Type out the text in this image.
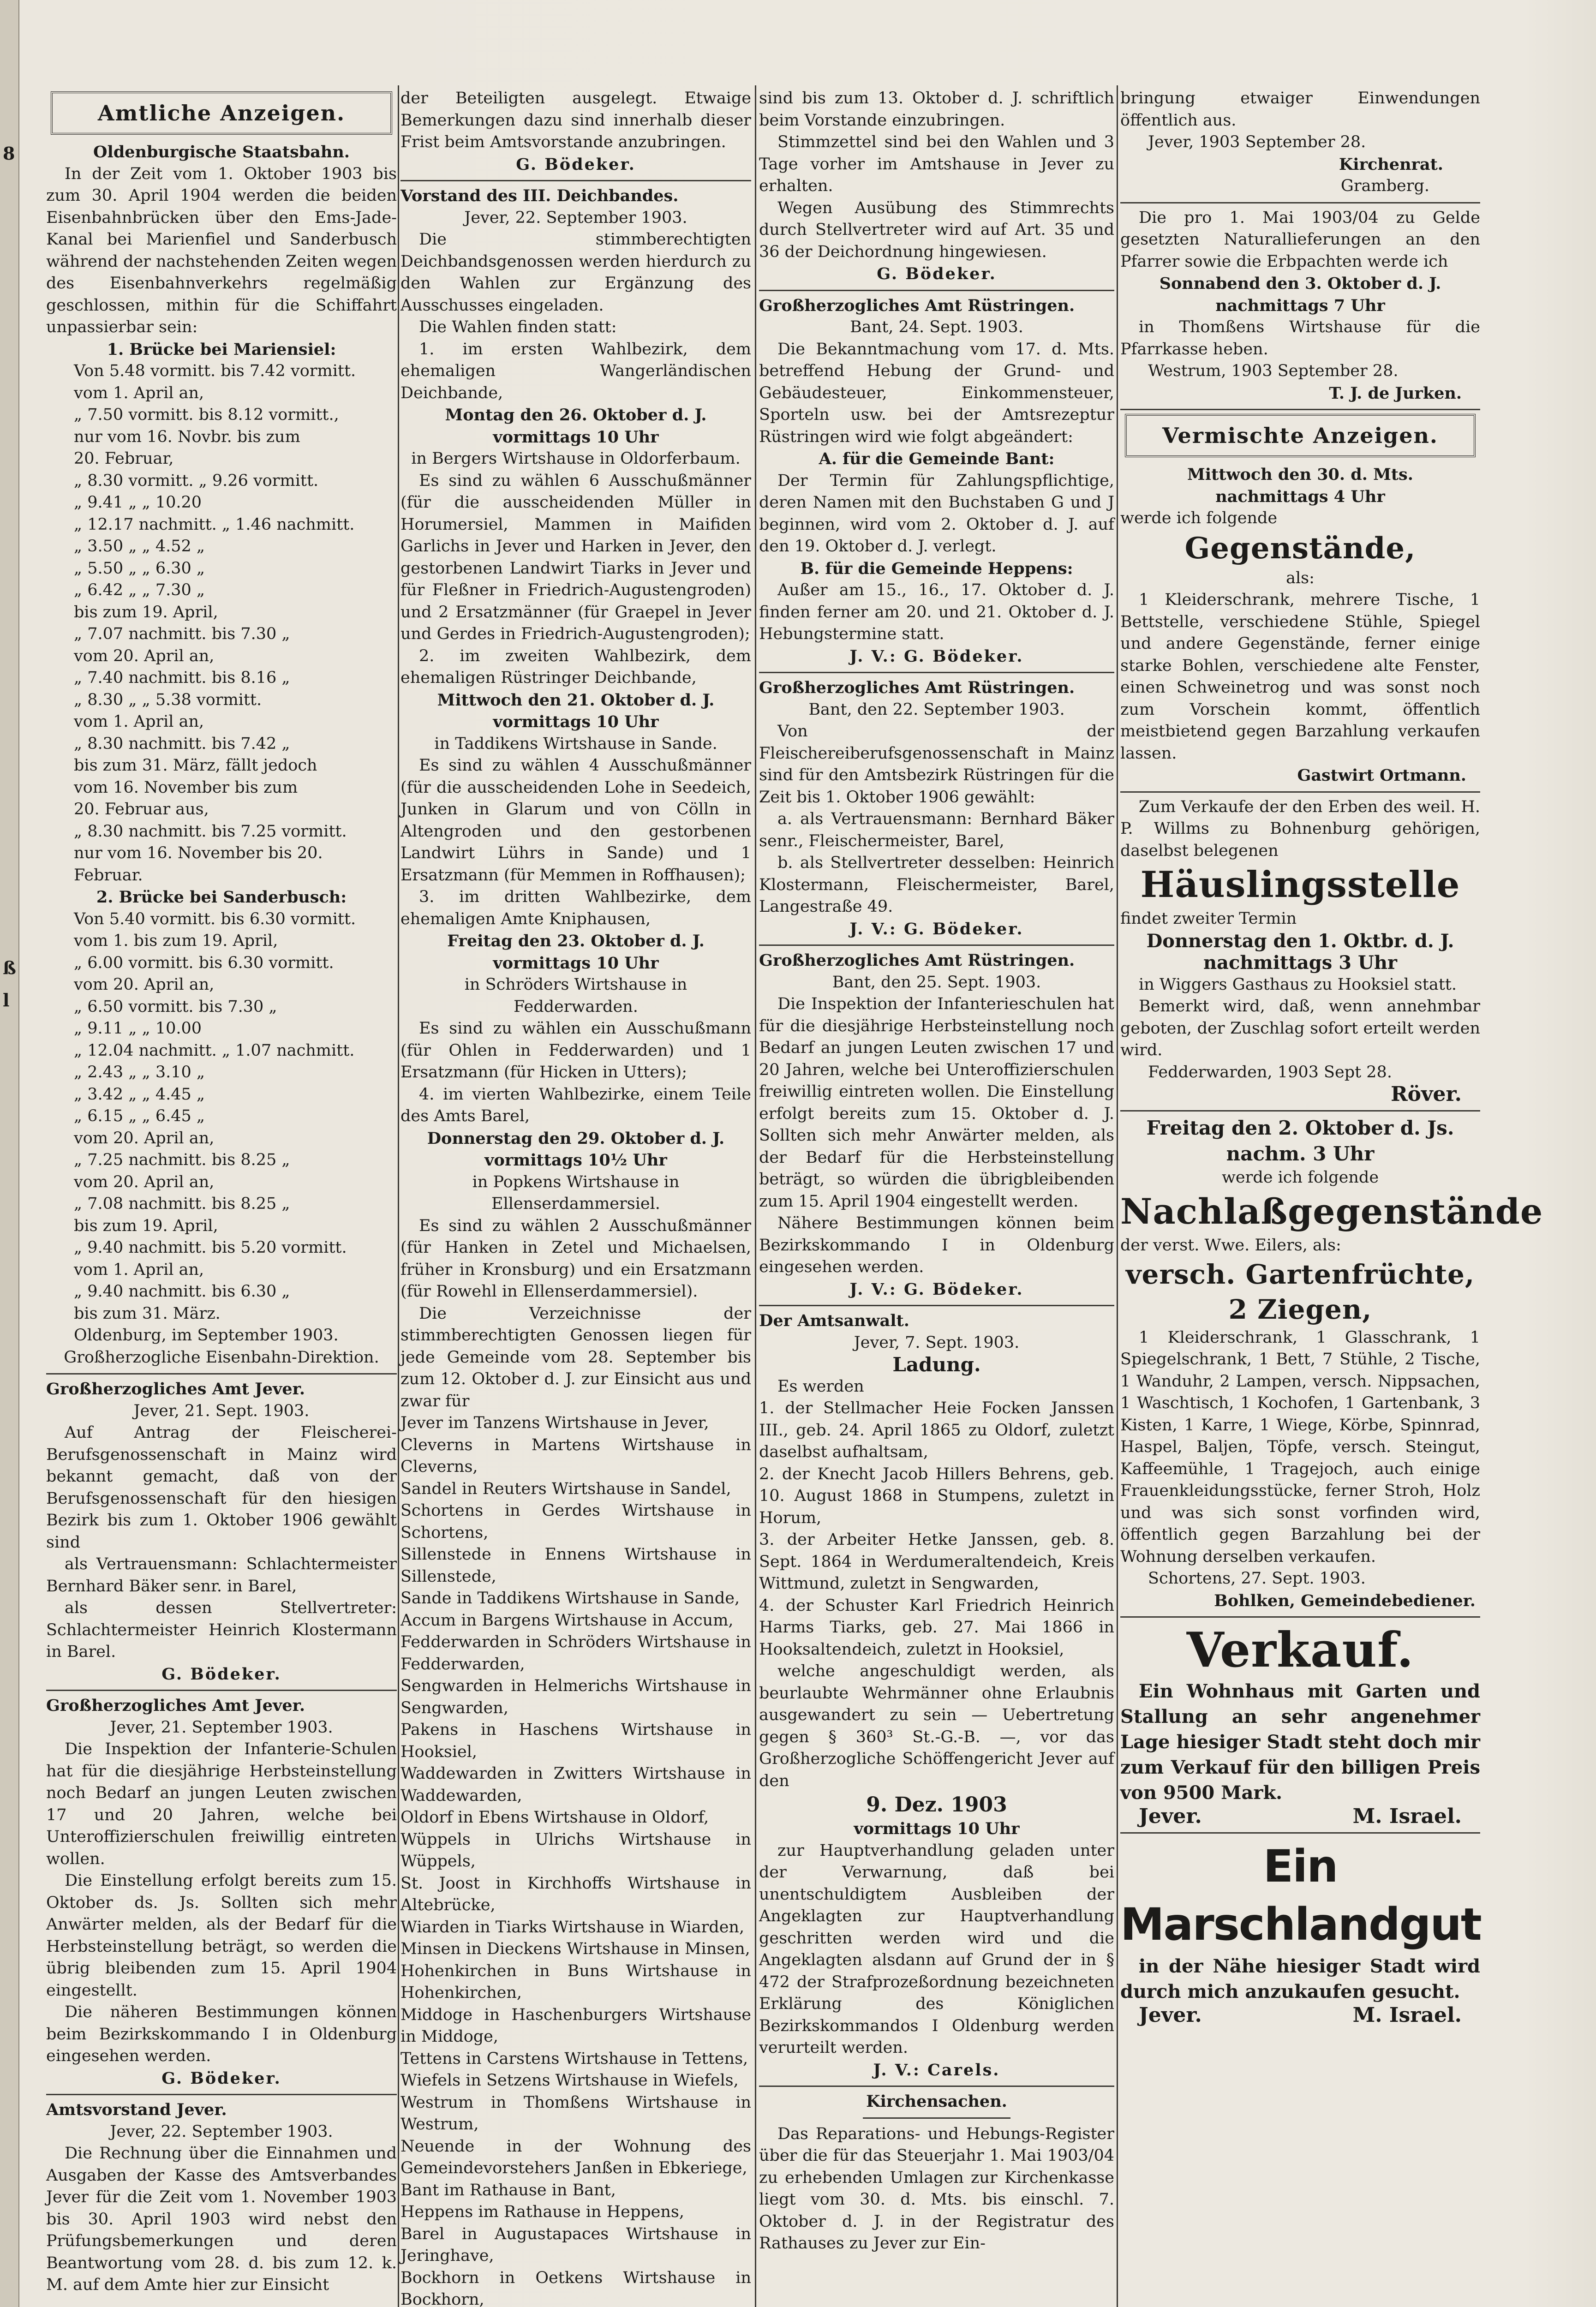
8
ß
l
Amtliche Anzeigen.
Oldenburgische Staatsbahn.

In der Zeit vom 1. Oktober 1903 bis zum 30. April 1904 werden die beiden Eisenbahnbrücken über den Ems-Jade-Kanal bei Marienfiel und Sanderbusch während der nachstehenden Zeiten wegen des Eisenbahnverkehrs regelmäßig geschlossen, mithin für die Schiffahrt unpassierbar sein:

1. Brücke bei Mariensiel:
Von 5.48 vormitt. bis 7.42 vormitt.
vom 1. April an,
„ 7.50 vormitt. bis 8.12 vormitt.,
nur vom 16. Novbr. bis zum
20. Februar,
„ 8.30 vormitt. „ 9.26 vormitt.
„ 9.41 „ „ 10.20
„ 12.17 nachmitt. „ 1.46 nachmitt.
„ 3.50 „ „ 4.52 „
„ 5.50 „ „ 6.30 „
„ 6.42 „ „ 7.30 „
bis zum 19. April,
„ 7.07 nachmitt. bis 7.30 „
vom 20. April an,
„ 7.40 nachmitt. bis 8.16 „
„ 8.30 „ „ 5.38 vormitt.
vom 1. April an,
„ 8.30 nachmitt. bis 7.42 „
bis zum 31. März, fällt jedoch
vom 16. November bis zum
20. Februar aus,
„ 8.30 nachmitt. bis 7.25 vormitt.
nur vom 16. November bis 20. Februar.
2. Brücke bei Sanderbusch:
Von 5.40 vormitt. bis 6.30 vormitt.
vom 1. bis zum 19. April,
„ 6.00 vormitt. bis 6.30 vormitt.
vom 20. April an,
„ 6.50 vormitt. bis 7.30 „
„ 9.11 „ „ 10.00
„ 12.04 nachmitt. „ 1.07 nachmitt.
„ 2.43 „ „ 3.10 „
„ 3.42 „ „ 4.45 „
„ 6.15 „ „ 6.45 „
vom 20. April an,
„ 7.25 nachmitt. bis 8.25 „
vom 20. April an,
„ 7.08 nachmitt. bis 8.25 „
bis zum 19. April,
„ 9.40 nachmitt. bis 5.20 vormitt.
vom 1. April an,
„ 9.40 nachmitt. bis 6.30 „
bis zum 31. März.
Oldenburg, im September 1903.
Großherzogliche Eisenbahn-Direktion.
Großherzogliches Amt Jever.
Jever, 21. Sept. 1903.

Auf Antrag der Fleischerei-Berufsgenossenschaft in Mainz wird bekannt gemacht, daß von der Berufsgenossenschaft für den hiesigen Bezirk bis zum 1. Oktober 1906 gewählt sind

als Vertrauensmann: Schlachtermeister Bernhard Bäker senr. in Barel,

als dessen Stellvertreter: Schlachtermeister Heinrich Klostermann in Barel.

G. Bödeker.
Großherzogliches Amt Jever.
Jever, 21. September 1903.

Die Inspektion der Infanterie-Schulen hat für die diesjährige Herbsteinstellung noch Bedarf an jungen Leuten zwischen 17 und 20 Jahren, welche bei Unteroffizierschulen freiwillig eintreten wollen.

Die Einstellung erfolgt bereits zum 15. Oktober ds. Js. Sollten sich mehr Anwärter melden, als der Bedarf für die Herbsteinstellung beträgt, so werden die übrig bleibenden zum 15. April 1904 eingestellt.

Die näheren Bestimmungen können beim Bezirkskommando I in Oldenburg eingesehen werden.

G. Bödeker.
Amtsvorstand Jever.
Jever, 22. September 1903.

Die Rechnung über die Einnahmen und Ausgaben der Kasse des Amtsverbandes Jever für die Zeit vom 1. November 1903 bis 30. April 1903 wird nebst den Prüfungsbemerkungen und deren Beantwortung vom 28. d. bis zum 12. k. M. auf dem Amte hier zur Einsicht

der Beteiligten ausgelegt. Etwaige Bemerkungen dazu sind innerhalb dieser Frist beim Amtsvorstande anzubringen.

G. Bödeker.
Vorstand des III. Deichbandes.
Jever, 22. September 1903.

Die stimmberechtigten Deichbandsgenossen werden hierdurch zu den Wahlen zur Ergänzung des Ausschusses eingeladen.

Die Wahlen finden statt:

1. im ersten Wahlbezirk, dem ehemaligen Wangerländischen Deichbande,

Montag den 26. Oktober d. J.
vormittags 10 Uhr
in Bergers Wirtshause in Oldorferbaum.

Es sind zu wählen 6 Ausschußmänner (für die ausscheidenden Müller in Horumersiel, Mammen in Maifiden Garlichs in Jever und Harken in Jever, den gestorbenen Landwirt Tiarks in Jever und für Fleßner in Friedrich-Augustengroden) und 2 Ersatzmänner (für Graepel in Jever und Gerdes in Friedrich-Augustengroden);

2. im zweiten Wahlbezirk, dem ehemaligen Rüstringer Deichbande,

Mittwoch den 21. Oktober d. J.
vormittags 10 Uhr
in Taddikens Wirtshause in Sande.

Es sind zu wählen 4 Ausschußmänner (für die ausscheidenden Lohe in Seedeich, Junken in Glarum und von Cölln in Altengroden und den gestorbenen Landwirt Lührs in Sande) und 1 Ersatzmann (für Memmen in Roffhausen);

3. im dritten Wahlbezirke, dem ehemaligen Amte Kniphausen,

Freitag den 23. Oktober d. J.
vormittags 10 Uhr
in Schröders Wirtshause in Fedderwarden.

Es sind zu wählen ein Ausschußmann (für Ohlen in Fedderwarden) und 1 Ersatzmann (für Hicken in Utters);

4. im vierten Wahlbezirke, einem Teile des Amts Barel,

Donnerstag den 29. Oktober d. J.
vormittags 10½ Uhr
in Popkens Wirtshause in Ellenserdammersiel.

Es sind zu wählen 2 Ausschußmänner (für Hanken in Zetel und Michaelsen, früher in Kronsburg) und ein Ersatzmann (für Rowehl in Ellenserdammersiel).

Die Verzeichnisse der stimmberechtigten Genossen liegen für jede Gemeinde vom 28. September bis zum 12. Oktober d. J. zur Einsicht aus und zwar für

Jever im Tanzens Wirtshause in Jever,
Cleverns in Martens Wirtshause in Cleverns,
Sandel in Reuters Wirtshause in Sandel,
Schortens in Gerdes Wirtshause in Schortens,
Sillenstede in Ennens Wirtshause in Sillenstede,
Sande in Taddikens Wirtshause in Sande,
Accum in Bargens Wirtshause in Accum,
Fedderwarden in Schröders Wirtshause in Fedderwarden,
Sengwarden in Helmerichs Wirtshause in Sengwarden,
Pakens in Haschens Wirtshause in Hooksiel,
Waddewarden in Zwitters Wirtshause in Waddewarden,
Oldorf in Ebens Wirtshause in Oldorf,
Wüppels in Ulrichs Wirtshause in Wüppels,
St. Joost in Kirchhoffs Wirtshause in Altebrücke,
Wiarden in Tiarks Wirtshause in Wiarden,
Minsen in Dieckens Wirtshause in Minsen,
Hohenkirchen in Buns Wirtshause in Hohenkirchen,
Middoge in Haschenburgers Wirtshause in Middoge,
Tettens in Carstens Wirtshause in Tettens,
Wiefels in Setzens Wirtshause in Wiefels,
Westrum in Thomßens Wirtshause in Westrum,
Neuende in der Wohnung des Gemeindevorstehers Janßen in Ebkeriege,
Bant im Rathause in Bant,
Heppens im Rathause in Heppens,
Barel in Augustapaces Wirtshause in Jeringhave,
Bockhorn in Oetkens Wirtshause in Bockhorn,

sind bis zum 13. Oktober d. J. schriftlich beim Vorstande einzubringen.

Stimmzettel sind bei den Wahlen und 3 Tage vorher im Amtshause in Jever zu erhalten.

Wegen Ausübung des Stimmrechts durch Stellvertreter wird auf Art. 35 und 36 der Deichordnung hingewiesen.

G. Bödeker.
Großherzogliches Amt Rüstringen.
Bant, 24. Sept. 1903.

Die Bekanntmachung vom 17. d. Mts. betreffend Hebung der Grund- und Gebäudesteuer, Einkommensteuer, Sporteln usw. bei der Amtsrezeptur Rüstringen wird wie folgt abgeändert:

A. für die Gemeinde Bant:

Der Termin für Zahlungspflichtige, deren Namen mit den Buchstaben G und J beginnen, wird vom 2. Oktober d. J. auf den 19. Oktober d. J. verlegt.

B. für die Gemeinde Heppens:

Außer am 15., 16., 17. Oktober d. J. finden ferner am 20. und 21. Oktober d. J. Hebungstermine statt.

J. V.: G. Bödeker.
Großherzogliches Amt Rüstringen.
Bant, den 22. September 1903.

Von der Fleischereiberufsgenossenschaft in Mainz sind für den Amtsbezirk Rüstringen für die Zeit bis 1. Oktober 1906 gewählt:

a. als Vertrauensmann: Bernhard Bäker senr., Fleischermeister, Barel,

b. als Stellvertreter desselben: Heinrich Klostermann, Fleischermeister, Barel, Langestraße 49.

J. V.: G. Bödeker.
Großherzogliches Amt Rüstringen.
Bant, den 25. Sept. 1903.

Die Inspektion der Infanterieschulen hat für die diesjährige Herbsteinstellung noch Bedarf an jungen Leuten zwischen 17 und 20 Jahren, welche bei Unteroffizierschulen freiwillig eintreten wollen. Die Einstellung erfolgt bereits zum 15. Oktober d. J. Sollten sich mehr Anwärter melden, als der Bedarf für die Herbsteinstellung beträgt, so würden die übrigbleibenden zum 15. April 1904 eingestellt werden.

Nähere Bestimmungen können beim Bezirkskommando I in Oldenburg eingesehen werden.

J. V.: G. Bödeker.
Der Amtsanwalt.
Jever, 7. Sept. 1903.
Ladung.

Es werden

1. der Stellmacher Heie Focken Janssen III., geb. 24. April 1865 zu Oldorf, zuletzt daselbst aufhaltsam,
2. der Knecht Jacob Hillers Behrens, geb. 10. August 1868 in Stumpens, zuletzt in Horum,
3. der Arbeiter Hetke Janssen, geb. 8. Sept. 1864 in Werdumeraltendeich, Kreis Wittmund, zuletzt in Sengwarden,
4. der Schuster Karl Friedrich Heinrich Harms Tiarks, geb. 27. Mai 1866 in Hooksaltendeich, zuletzt in Hooksiel,

welche angeschuldigt werden, als beurlaubte Wehrmänner ohne Erlaubnis ausgewandert zu sein — Uebertretung gegen § 360³ St.-G.-B. —, vor das Großherzogliche Schöffengericht Jever auf den

9. Dez. 1903
vormittags 10 Uhr

zur Hauptverhandlung geladen unter der Verwarnung, daß bei unentschuldigtem Ausbleiben der Angeklagten zur Hauptverhandlung geschritten werden wird und die Angeklagten alsdann auf Grund der in § 472 der Strafprozeßordnung bezeichneten Erklärung des Königlichen Bezirkskommandos I Oldenburg werden verurteilt werden.

J. V.: Carels.
Kirchensachen.

Das Reparations- und Hebungs-Register über die für das Steuerjahr 1. Mai 1903/04 zu erhebenden Umlagen zur Kirchenkasse liegt vom 30. d. Mts. bis einschl. 7. Oktober d. J. in der Registratur des Rathauses zu Jever zur Ein-

bringung etwaiger Einwendungen öffentlich aus.

Jever, 1903 September 28.
Kirchenrat.
Gramberg.

Die pro 1. Mai 1903/04 zu Gelde gesetzten Naturallieferungen an den Pfarrer sowie die Erbpachten werde ich

Sonnabend den 3. Oktober d. J.
nachmittags 7 Uhr

in Thomßens Wirtshause für die Pfarrkasse heben.

Westrum, 1903 September 28.
T. J. de Jurken.
Vermischte Anzeigen.
Mittwoch den 30. d. Mts.
nachmittags 4 Uhr
werde ich folgende
Gegenstände,
als:

1 Kleiderschrank, mehrere Tische, 1 Bettstelle, verschiedene Stühle, Spiegel und andere Gegenstände, ferner einige starke Bohlen, verschiedene alte Fenster, einen Schweinetrog und was sonst noch zum Vorschein kommt, öffentlich meistbietend gegen Barzahlung verkaufen lassen.

Gastwirt Ortmann.

Zum Verkaufe der den Erben des weil. H. P. Willms zu Bohnenburg gehörigen, daselbst belegenen

Häuslingsstelle
findet zweiter Termin
Donnerstag den 1. Oktbr. d. J.
nachmittags 3 Uhr

in Wiggers Gasthaus zu Hooksiel statt.

Bemerkt wird, daß, wenn annehmbar geboten, der Zuschlag sofort erteilt werden wird.

Fedderwarden, 1903 Sept 28.
Röver.
Freitag den 2. Oktober d. Js.
nachm. 3 Uhr
werde ich folgende
Nachlaßgegenstände
der verst. Wwe. Eilers, als:
versch. Gartenfrüchte,
2 Ziegen,

1 Kleiderschrank, 1 Glasschrank, 1 Spiegelschrank, 1 Bett, 7 Stühle, 2 Tische, 1 Wanduhr, 2 Lampen, versch. Nippsachen, 1 Waschtisch, 1 Kochofen, 1 Gartenbank, 3 Kisten, 1 Karre, 1 Wiege, Körbe, Spinnrad, Haspel, Baljen, Töpfe, versch. Steingut, Kaffeemühle, 1 Tragejoch, auch einige Frauenkleidungsstücke, ferner Stroh, Holz und was sich sonst vorfinden wird, öffentlich gegen Barzahlung bei der Wohnung derselben verkaufen.

Schortens, 27. Sept. 1903.
Bohlken, Gemeindebediener.
Verkauf.

Ein Wohnhaus mit Garten und Stallung an sehr angenehmer Lage hiesiger Stadt steht doch mir zum Verkauf für den billigen Preis von 9500 Mark.

Jever.	M. Israel.
Ein Marschlandgut

in der Nähe hiesiger Stadt wird durch mich anzukaufen gesucht.

Jever.	M. Israel.
